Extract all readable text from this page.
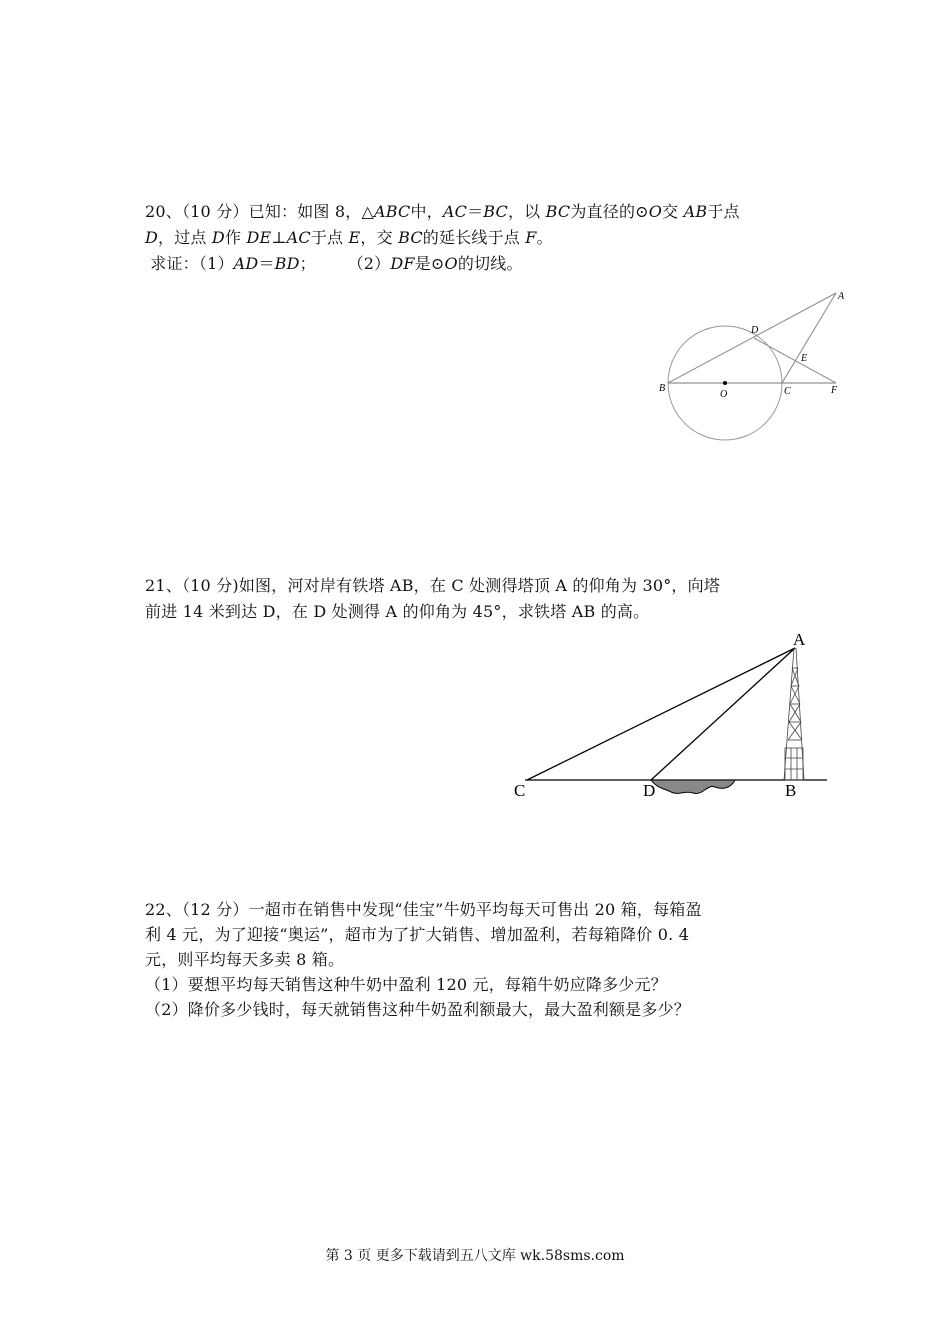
20、（10 分）已知：如图 8，△ABC中，AC＝BC，以 BC为直径的⊙O交 AB于点
D，过点 D作 DE⊥AC于点 E，交 BC的延长线于点 F。
求证：（1）AD＝BD；      （2）DF是⊙O的切线。
A
D
E
B
O	C	F
21、（10 分)如图，河对岸有铁塔 AB，在 C 处测得塔顶 A 的仰角为 30°，向塔
前进 14 米到达 D，在 D 处测得 A 的仰角为 45°，求铁塔 AB 的高。
A
C	D	B
22、（12 分）一超市在销售中发现“佳宝”牛奶平均每天可售出 20 箱，每箱盈
利 4 元，为了迎接“奥运”，超市为了扩大销售、增加盈利，若每箱降价 0. 4
元，则平均每天多卖 8 箱。
（1）要想平均每天销售这种牛奶中盈利 120 元，每箱牛奶应降多少元？
（2）降价多少钱时，每天就销售这种牛奶盈利额最大，最大盈利额是多少？
第 3 页 更多下载请到五八文库 wk.58sms.com
